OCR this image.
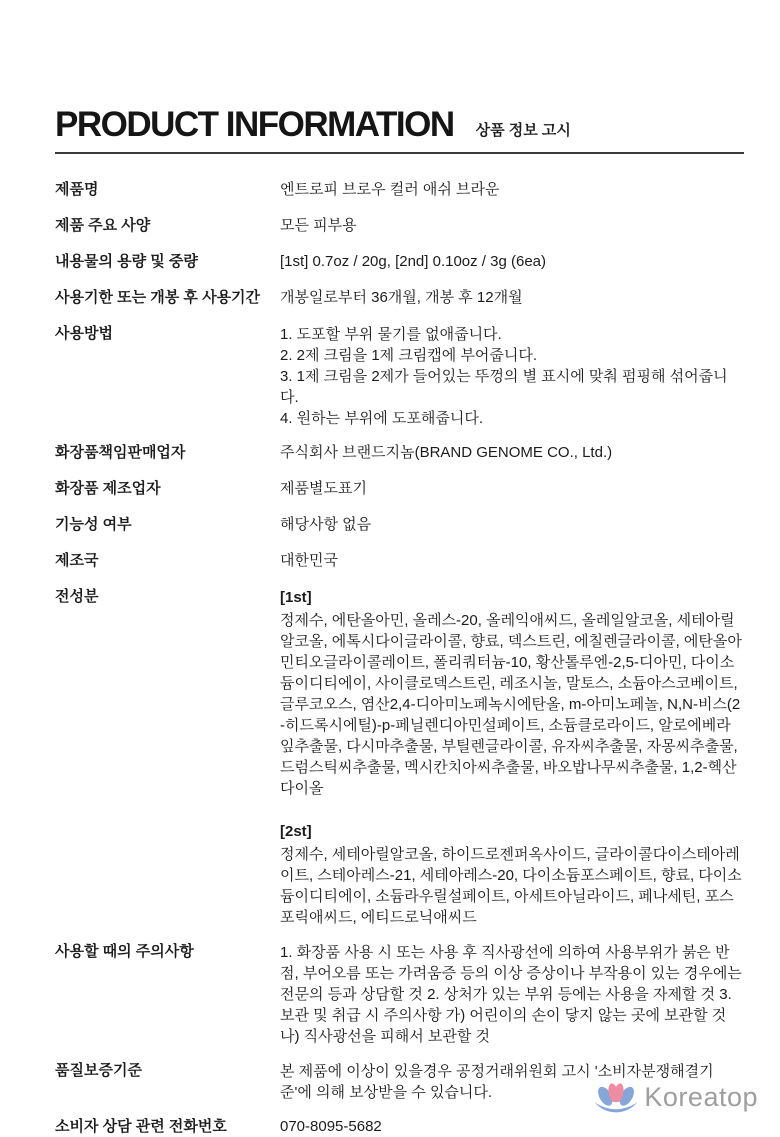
PRODUCT INFORMATION 상품 정보 고시
제품명	엔트로피 브로우 컬러 애쉬 브라운
제품 주요 사양	모든 피부용
내용물의 용량 및 중량	[1st] 0.7oz / 20g, [2nd] 0.10oz / 3g (6ea)
사용기한 또는 개봉 후 사용기간	개봉일로부터 36개월, 개봉 후 12개월
사용방법	1. 도포할 부위 물기를 없애줍니다.
2. 2제 크림을 1제 크림캡에 부어줍니다.
3. 1제 크림을 2제가 들어있는 뚜껑의 별 표시에 맞춰 펌핑해 섞어줍니다.
4. 원하는 부위에 도포해줍니다.
화장품책임판매업자	주식회사 브랜드지놈(BRAND GENOME CO., Ltd.)
화장품 제조업자	제품별도표기
기능성 여부	해당사항 없음
제조국	대한민국
전성분	[1st]
정제수, 에탄올아민, 올레스-20, 올레익애씨드, 올레일알코올, 세테아릴알코올, 에톡시다이글라이콜, 향료, 덱스트린, 에칠렌글라이콜, 에탄올아민티오글라이콜레이트, 폴리쿼터늄-10, 황산톨루엔-2,5-디아민, 다이소듐이디티에이, 사이클로덱스트린, 레조시놀, 말토스, 소듐아스코베이트, 글루코오스, 염산2,4-디아미노페녹시에탄올, m-아미노페놀, N,N-비스(2-히드록시에틸)-p-페닐렌디아민설페이트, 소듐클로라이드, 알로에베라잎추출물, 다시마추출물, 부틸렌글라이콜, 유자씨추출물, 자몽씨추출물, 드럼스틱씨추출물, 멕시칸치아씨추출물, 바오밥나무씨추출물, 1,2-헥산다이올
[2st]
정제수, 세테아릴알코올, 하이드로젠퍼옥사이드, 글라이콜다이스테아레이트, 스테아레스-21, 세테아레스-20, 다이소듐포스페이트, 향료, 다이소듐이디티에이, 소듐라우릴설페이트, 아세트아닐라이드, 페나세틴, 포스포릭애씨드, 에티드로닉애씨드
사용할 때의 주의사항	1. 화장품 사용 시 또는 사용 후 직사광선에 의하여 사용부위가 붉은 반점, 부어오름 또는 가려움증 등의 이상 증상이나 부작용이 있는 경우에는 전문의 등과 상담할 것 2. 상처가 있는 부위 등에는 사용을 자제할 것 3. 보관 및 취급 시 주의사항 가) 어린이의 손이 닿지 않는 곳에 보관할 것 나) 직사광선을 피해서 보관할 것
품질보증기준	본 제품에 이상이 있을경우 공정거래위원회 고시 '소비자분쟁해결기준'에 의해 보상받을 수 있습니다.
소비자 상담 관련 전화번호	070-8095-5682
Koreatop
